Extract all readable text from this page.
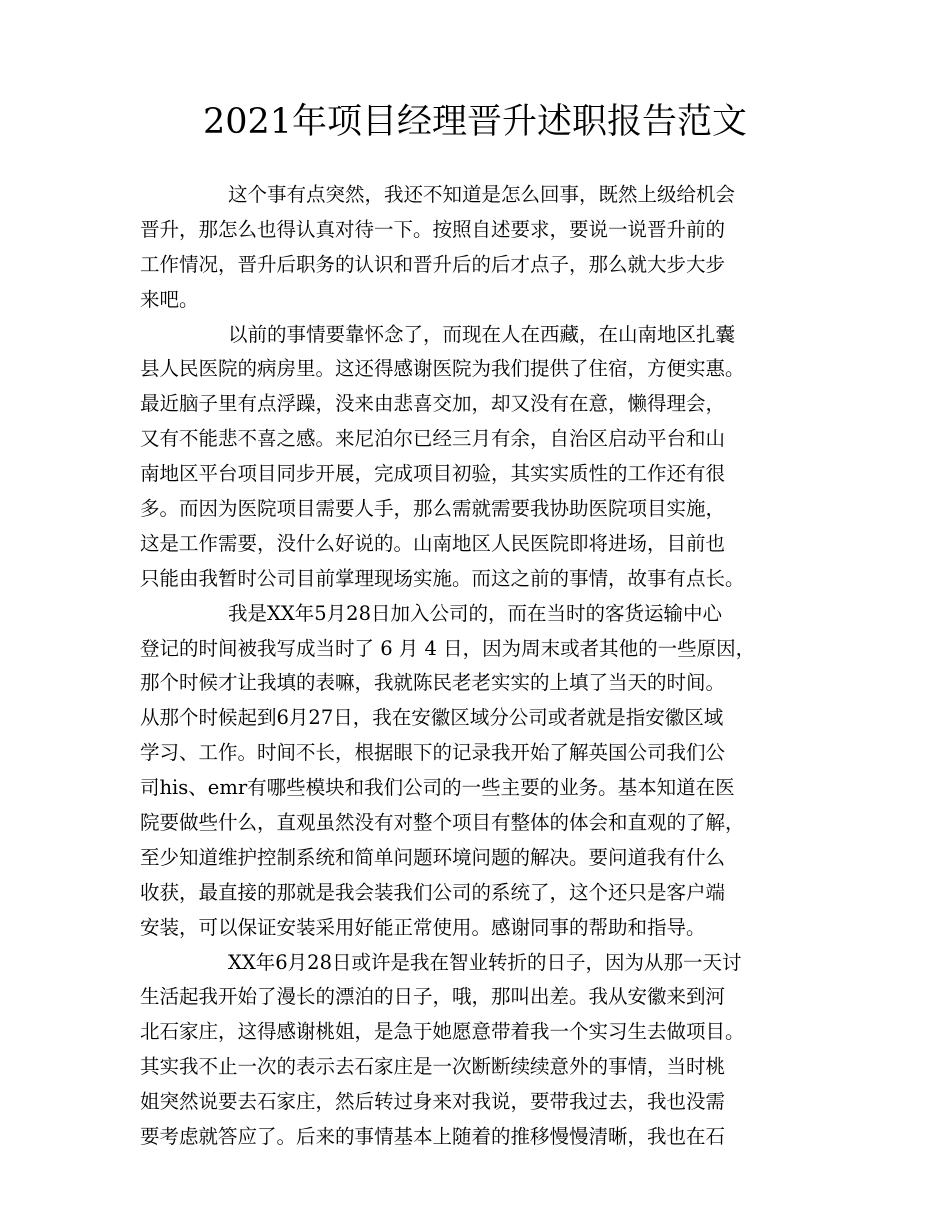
2021年项目经理晋升述职报告范文
这个事有点突然，我还不知道是怎么回事，既然上级给机会
晋升，那怎么也得认真对待一下。按照自述要求，要说一说晋升前的
工作情况，晋升后职务的认识和晋升后的后才点子，那么就大步大步
来吧。
以前的事情要靠怀念了，而现在人在西藏，在山南地区扎囊
县人民医院的病房里。这还得感谢医院为我们提供了住宿，方便实惠。
最近脑子里有点浮躁，没来由悲喜交加，却又没有在意，懒得理会，
又有不能悲不喜之感。来尼泊尔已经三月有余，自治区启动平台和山
南地区平台项目同步开展，完成项目初验，其实实质性的工作还有很
多。而因为医院项目需要人手，那么需就需要我协助医院项目实施，
这是工作需要，没什么好说的。山南地区人民医院即将进场，目前也
只能由我暂时公司目前掌理现场实施。而这之前的事情，故事有点长。
我是XX年5月28日加入公司的，而在当时的客货运输中心
登记的时间被我写成当时了 6 月 4 日，因为周末或者其他的一些原因，
那个时候才让我填的表嘛，我就陈民老老实实的上填了当天的时间。
从那个时候起到6月27日，我在安徽区域分公司或者就是指安徽区域
学习、工作。时间不长，根据眼下的记录我开始了解英国公司我们公
司his、emr有哪些模块和我们公司的一些主要的业务。基本知道在医
院要做些什么，直观虽然没有对整个项目有整体的体会和直观的了解，
至少知道维护控制系统和简单问题环境问题的解决。要问道我有什么
收获，最直接的那就是我会装我们公司的系统了，这个还只是客户端
安装，可以保证安装采用好能正常使用。感谢同事的帮助和指导。
XX年6月28日或许是我在智业转折的日子，因为从那一天讨
生活起我开始了漫长的漂泊的日子，哦，那叫出差。我从安徽来到河
北石家庄，这得感谢桃姐，是急于她愿意带着我一个实习生去做项目。
其实我不止一次的表示去石家庄是一次断断续续意外的事情，当时桃
姐突然说要去石家庄，然后转过身来对我说，要带我过去，我也没需
要考虑就答应了。后来的事情基本上随着的推移慢慢清晰，我也在石
